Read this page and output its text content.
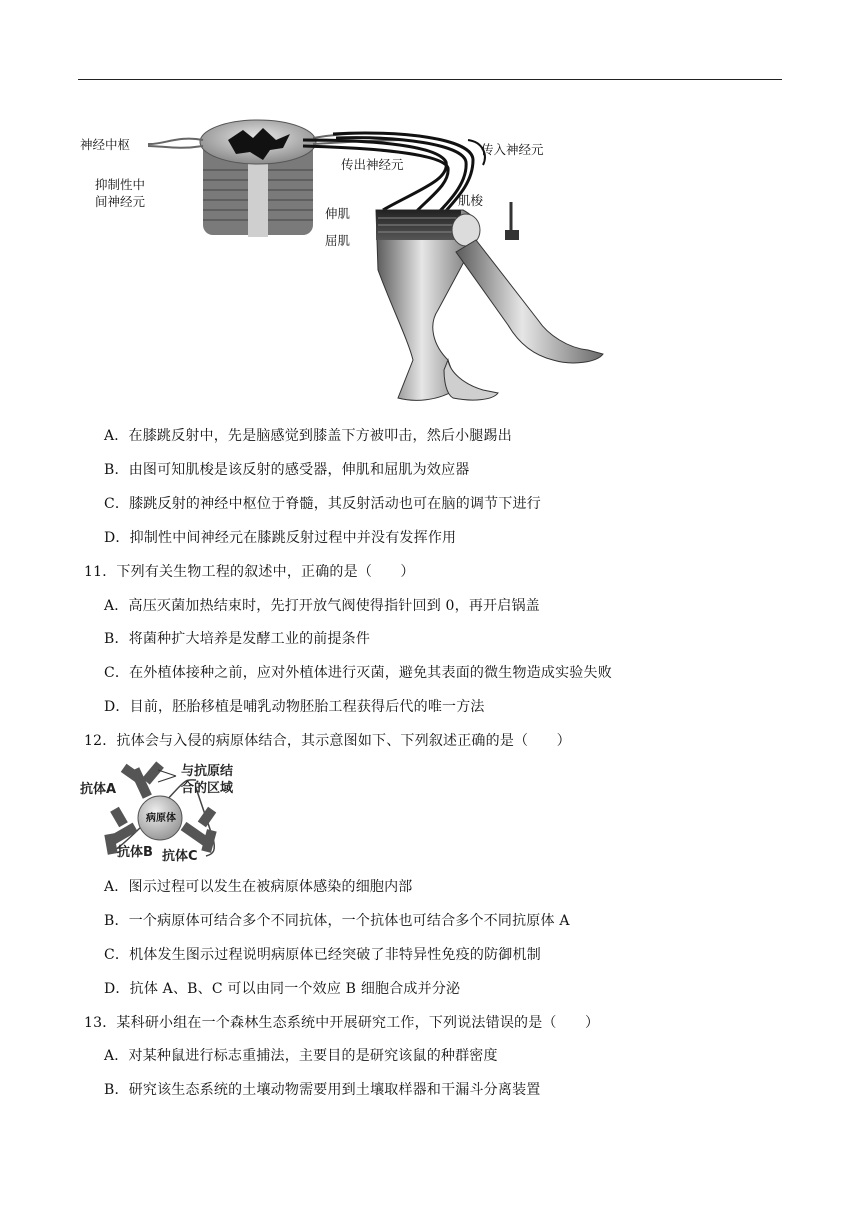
神经中枢
抑制性中
间神经元
传出神经元
传入神经元
肌梭
伸肌
屈肌
A．在膝跳反射中，先是脑感觉到膝盖下方被叩击，然后小腿踢出
B．由图可知肌梭是该反射的感受器，伸肌和屈肌为效应器
C．膝跳反射的神经中枢位于脊髓，其反射活动也可在脑的调节下进行
D．抑制性中间神经元在膝跳反射过程中并没有发挥作用
11．下列有关生物工程的叙述中，正确的是（　　）
A．高压灭菌加热结束时，先打开放气阀使得指针回到 0，再开启锅盖
B．将菌种扩大培养是发酵工业的前提条件
C．在外植体接种之前，应对外植体进行灭菌，避免其表面的微生物造成实验失败
D．目前，胚胎移植是哺乳动物胚胎工程获得后代的唯一方法
12．抗体会与入侵的病原体结合，其示意图如下、下列叙述正确的是（　　）
抗体A
与抗原结
合的区域
病原体
抗体B 抗体C
A．图示过程可以发生在被病原体感染的细胞内部
B．一个病原体可结合多个不同抗体，一个抗体也可结合多个不同抗原体 A
C．机体发生图示过程说明病原体已经突破了非特异性免疫的防御机制
D．抗体 A、B、C 可以由同一个效应 B 细胞合成并分泌
13．某科研小组在一个森林生态系统中开展研究工作，下列说法错误的是（　　）
A．对某种鼠进行标志重捕法，主要目的是研究该鼠的种群密度
B．研究该生态系统的土壤动物需要用到土壤取样器和干漏斗分离装置
